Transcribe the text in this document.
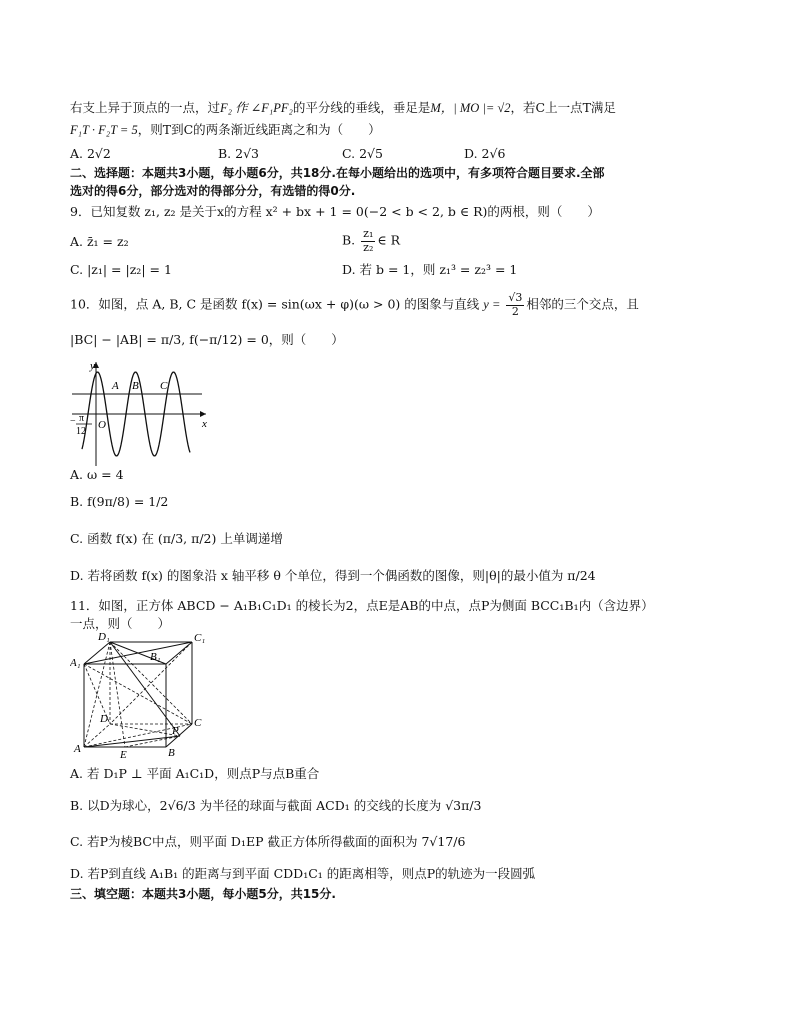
右支上异于顶点的一点，过F₂ 作 ∠F₁PF₂的平分线的垂线，垂足是M，| MO |= √2，若C上一点T满足
F₁T · F₂T = 5，则T到C的两条渐近线距离之和为（　　）
A. 2√2	B. 2√3	C. 2√5	D. 2√6
二、选择题：本题共3小题，每小题6分，共18分.在每小题给出的选项中，有多项符合题目要求.全部
选对的得6分，部分选对的得部分分，有选错的得0分.
9．已知复数 z₁, z₂ 是关于x的方程 x² + bx + 1 = 0(−2 < b < 2, b ∈ R)的两根，则（　　）
A. z̄₁ = z₂	B. $\frac{\text{z₁}}{\text{z₂}}$ ∈ R
C. |z₁| = |z₂| = 1	D. 若 b = 1，则 z₁³ = z₂³ = 1
10．如图，点 A, B, C 是函数 f(x) = sin(ωx + φ)(ω > 0) 的图象与直线 $y = \frac{√3}{2}$ 相邻的三个交点，且
|BC| − |AB| = π/3, f(−π/12) = 0，则（　　）
y
x
O
A B C
− π
12
A. ω = 4
B. f(9π/8) = 1/2
C. 函数 f(x) 在 (π/3, π/2) 上单调递增
D. 若将函数 f(x) 的图象沿 x 轴平移 θ 个单位，得到一个偶函数的图像，则|θ|的最小值为 π/24
11．如图，正方体 ABCD − A₁B₁C₁D₁ 的棱长为2，点E是AB的中点，点P为侧面 BCC₁B₁内（含边界）
一点，则（　　）
D₁	C₁
A₁	B₁
D	C
A	B
E
P
A. 若 D₁P ⊥ 平面 A₁C₁D，则点P与点B重合
B. 以D为球心，2√6/3 为半径的球面与截面 ACD₁ 的交线的长度为 √3π/3
C. 若P为棱BC中点，则平面 D₁EP 截正方体所得截面的面积为 7√17/6
D. 若P到直线 A₁B₁ 的距离与到平面 CDD₁C₁ 的距离相等，则点P的轨迹为一段圆弧
三、填空题：本题共3小题，每小题5分，共15分.
